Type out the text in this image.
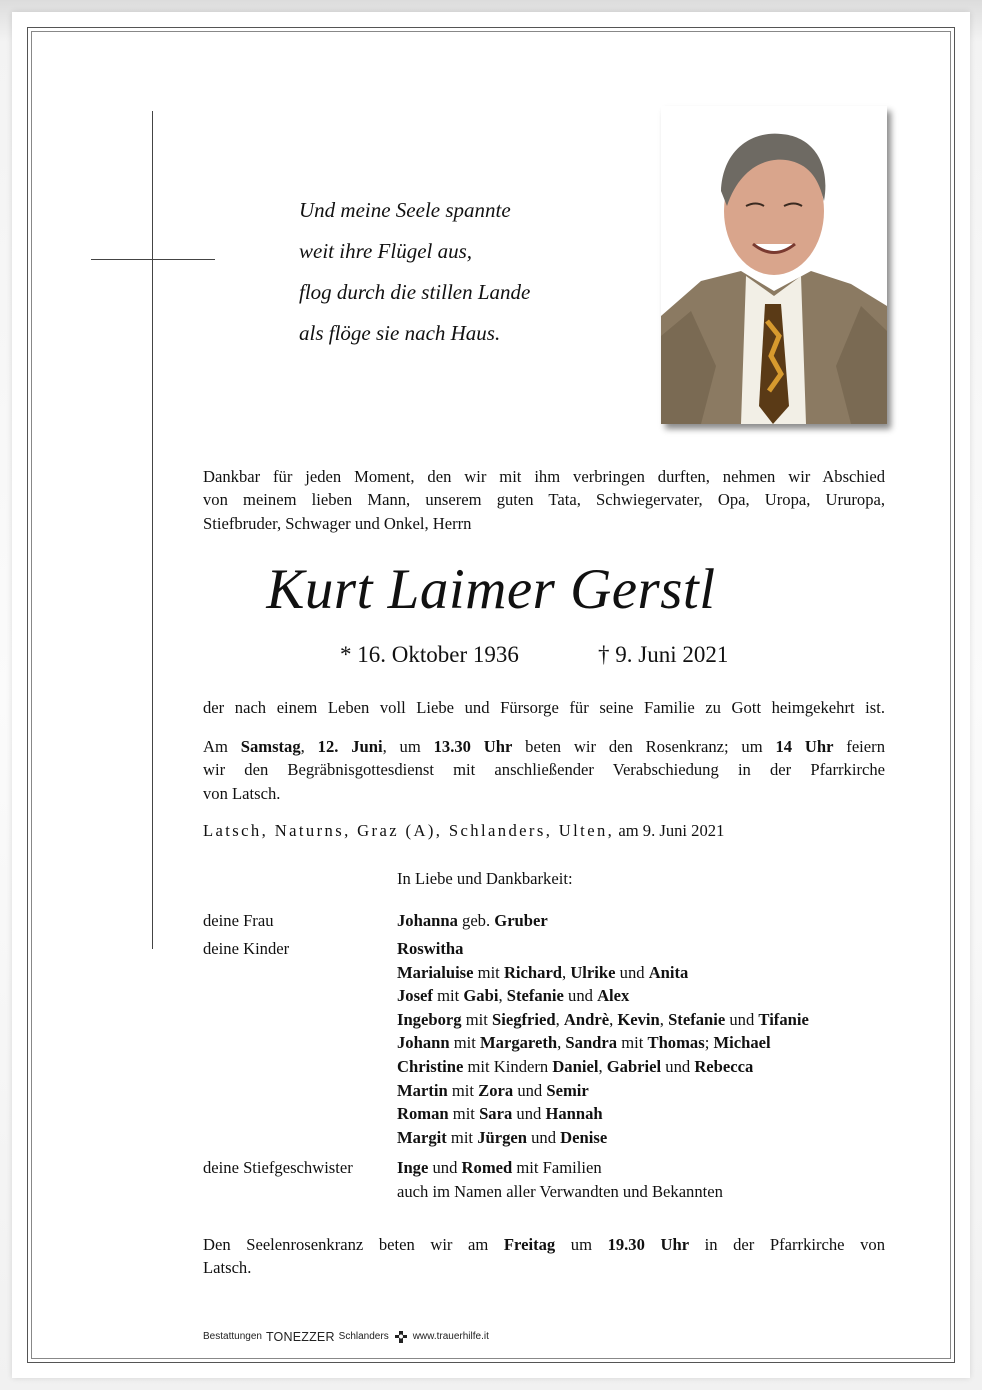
Und meine Seele spannte
weit ihre Flügel aus,
flog durch die stillen Lande
als flöge sie nach Haus.
Dankbar für jeden Moment, den wir mit ihm verbringen durften, nehmen wir Abschied
von meinem lieben Mann, unserem guten Tata, Schwiegervater, Opa, Uropa, Ururopa,
Stiefbruder, Schwager und Onkel, Herrn
Kurt Laimer Gerstl
* 16. Oktober 1936	† 9. Juni 2021
der nach einem Leben voll Liebe und Fürsorge für seine Familie zu Gott heimgekehrt ist.
Am Samstag, 12. Juni, um 13.30 Uhr beten wir den Rosenkranz; um 14 Uhr feiern
wir den Begräbnisgottesdienst mit anschließender Verabschiedung in der Pfarrkirche
von Latsch.
Latsch, Naturns, Graz (A), Schlanders, Ulten, am 9. Juni 2021
In Liebe und Dankbarkeit:
deine Frau	Johanna geb. Gruber
deine Kinder	Roswitha
Marialuise mit Richard, Ulrike und Anita
Josef mit Gabi, Stefanie und Alex
Ingeborg mit Siegfried, Andrè, Kevin, Stefanie und Tifanie
Johann mit Margareth, Sandra mit Thomas; Michael
Christine mit Kindern Daniel, Gabriel und Rebecca
Martin mit Zora und Semir
Roman mit Sara und Hannah
Margit mit Jürgen und Denise
deine Stiefgeschwister	Inge und Romed mit Familien
auch im Namen aller Verwandten und Bekannten
Den Seelenrosenkranz beten wir am Freitag um 19.30 Uhr in der Pfarrkirche von
Latsch.
Bestattungen TONEZZER Schlanders www.trauerhilfe.it
